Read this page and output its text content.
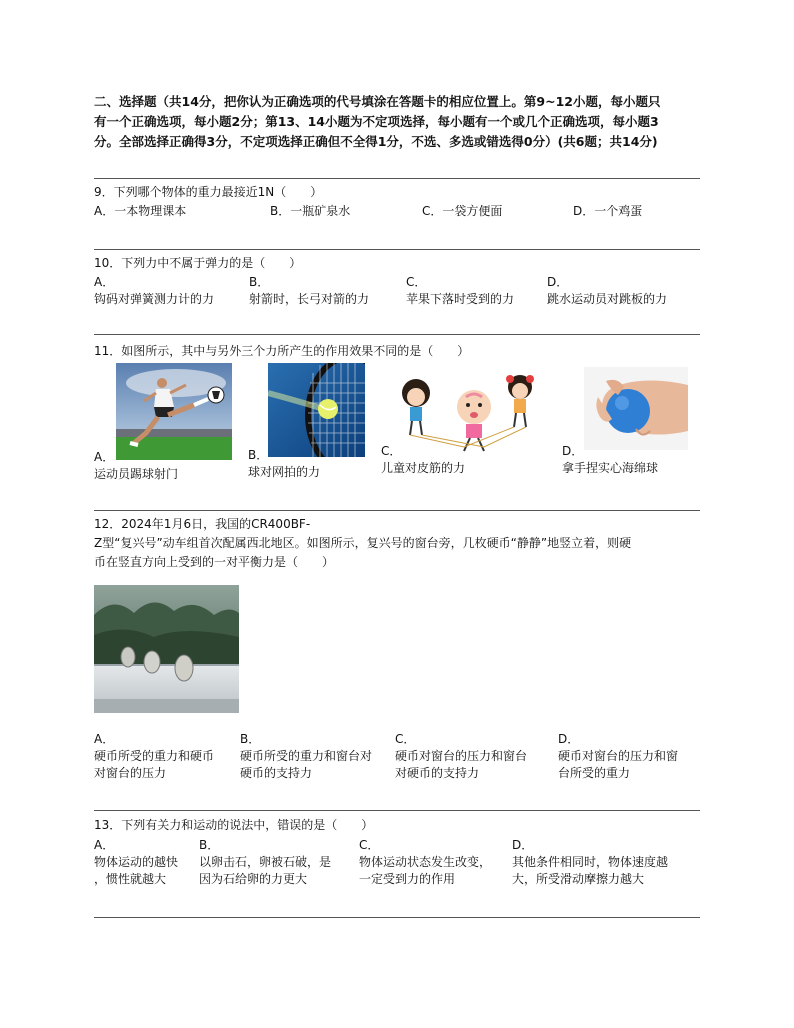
二、选择题（共14分，把你认为正确选项的代号填涂在答题卡的相应位置上。第9~12小题，每小题只
有一个正确选项，每小题2分；第13、14小题为不定项选择，每小题有一个或几个正确选项，每小题3
分。全部选择正确得3分，不定项选择正确但不全得1分，不选、多选或错选得0分）(共6题；共14分)
9．下列哪个物体的重力最接近1N（　　）
A．一本物理课本	B．一瓶矿泉水	C．一袋方便面	D．一个鸡蛋
10．下列力中不属于弹力的是（　　）
A．
钩码对弹簧测力计的力
B．
射箭时，长弓对箭的力
C．
苹果下落时受到的力
D．
跳水运动员对跳板的力
11．如图所示，其中与另外三个力所产生的作用效果不同的是（　　）
A．
运动员踢球射门
B．
球对网拍的力
C．
儿童对皮筋的力
D．
拿手捏实心海绵球
12．2024年1月6日，我国的CR400BF-
Z型“复兴号”动车组首次配属西北地区。如图所示，复兴号的窗台旁，几枚硬币“静静”地竖立着，则硬
币在竖直方向上受到的一对平衡力是（　　）
A．
硬币所受的重力和硬币
对窗台的压力
B．
硬币所受的重力和窗台对
硬币的支持力
C．
硬币对窗台的压力和窗台
对硬币的支持力
D．
硬币对窗台的压力和窗
台所受的重力
13．下列有关力和运动的说法中，错误的是（　　）
A．
物体运动的越快
，惯性就越大
B．
以卵击石，卵被石破，是
因为石给卵的力更大
C．
物体运动状态发生改变，
一定受到力的作用
D．
其他条件相同时，物体速度越
大，所受滑动摩擦力越大
